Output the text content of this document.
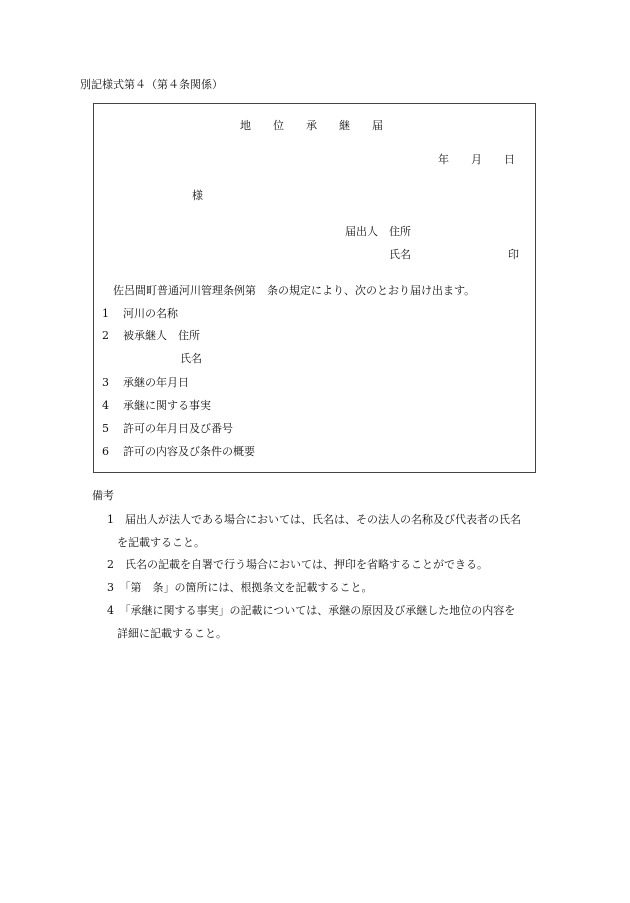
別記様式第４（第４条関係）
地　　位　　承　　継　　届
年　　月　　日
様
届出人　住所
氏名	印
佐呂間町普通河川管理条例第　条の規定により、次のとおり届け出ます。
1 河川の名称
2 被承継人　住所
氏名
3 承継の年月日
4 承継に関する事実
5 許可の年月日及び番号
6 許可の内容及び条件の概要
備考
1　届出人が法人である場合においては、氏名は、その法人の名称及び代表者の氏名
を記載すること。
2　氏名の記載を自署で行う場合においては、押印を省略することができる。
3　「第　条」の箇所には、根拠条文を記載すること。
4　「承継に関する事実」の記載については、承継の原因及び承継した地位の内容を
詳細に記載すること。
